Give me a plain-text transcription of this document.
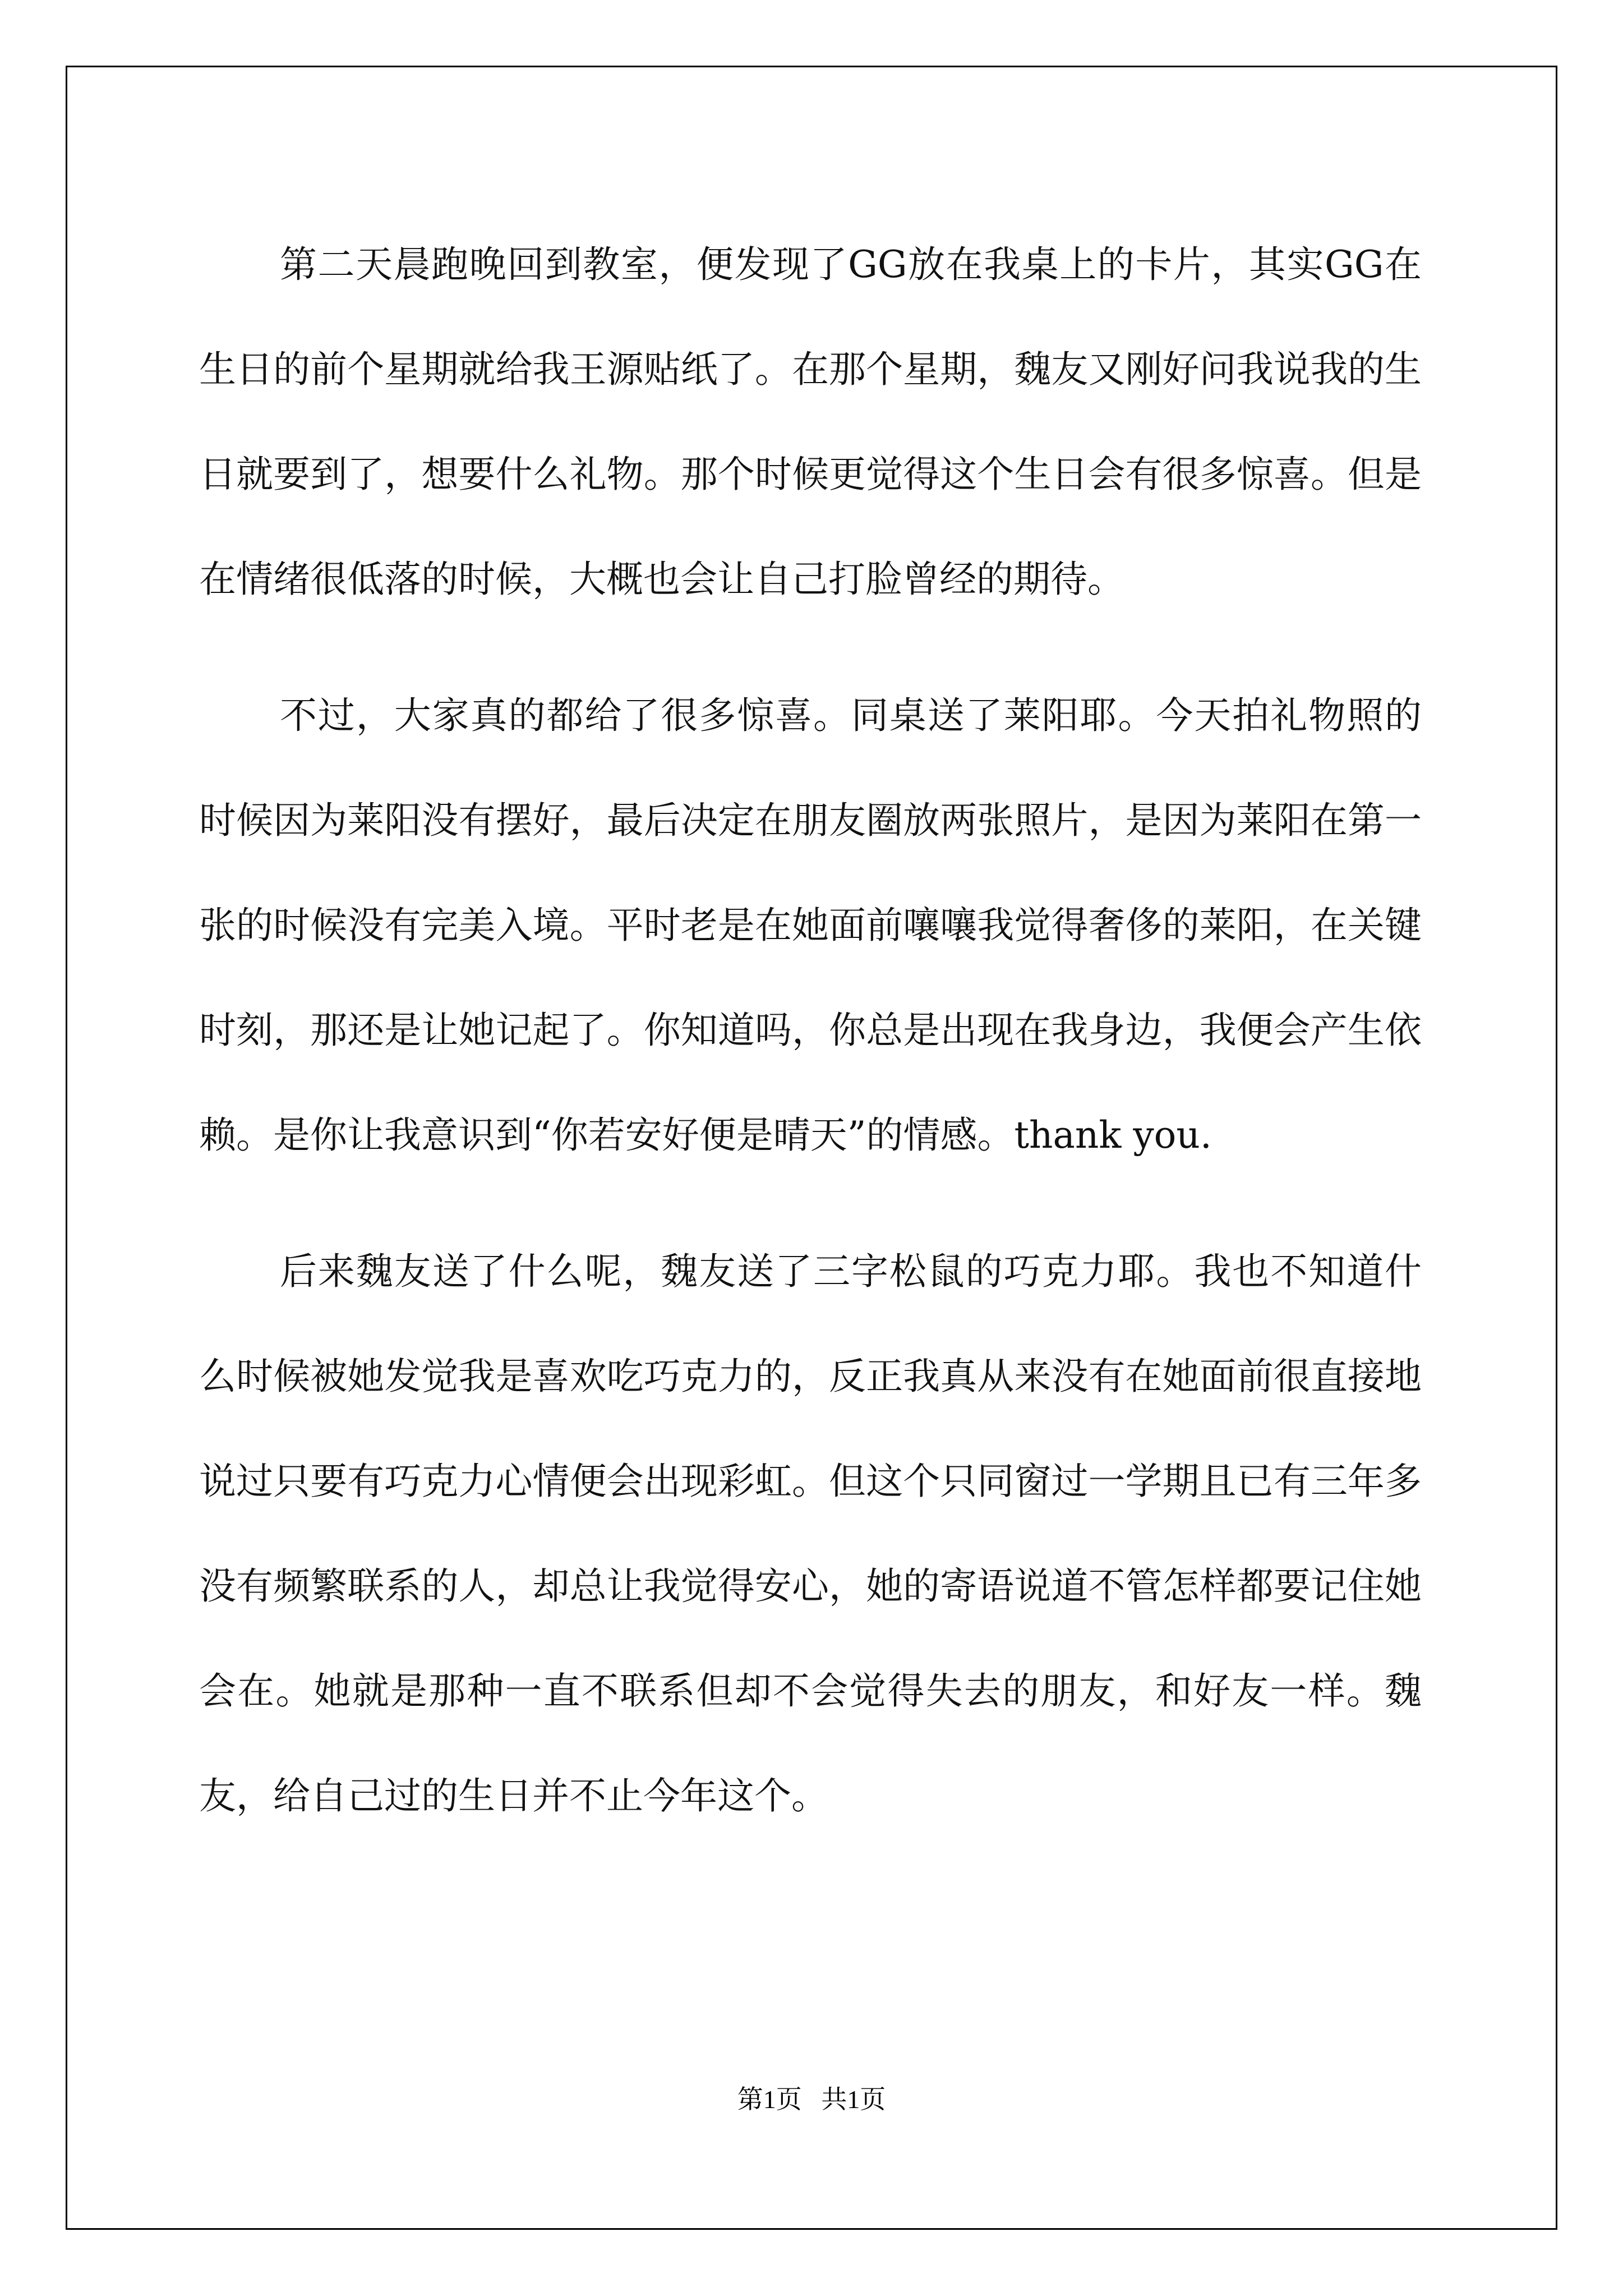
第二天晨跑晚回到教室，便发现了GG放在我桌上的卡片，其实GG在生日的前个星期就给我王源贴纸了。在那个星期，魏友又刚好问我说我的生日就要到了，想要什么礼物。那个时候更觉得这个生日会有很多惊喜。但是在情绪很低落的时候，大概也会让自己打脸曾经的期待。

不过，大家真的都给了很多惊喜。同桌送了莱阳耶。今天拍礼物照的时候因为莱阳没有摆好，最后决定在朋友圈放两张照片，是因为莱阳在第一张的时候没有完美入境。平时老是在她面前嚷嚷我觉得奢侈的莱阳，在关键时刻，那还是让她记起了。你知道吗，你总是出现在我身边，我便会产生依赖。是你让我意识到“你若安好便是晴天”的情感。thank you.

后来魏友送了什么呢，魏友送了三字松鼠的巧克力耶。我也不知道什么时候被她发觉我是喜欢吃巧克力的，反正我真从来没有在她面前很直接地说过只要有巧克力心情便会出现彩虹。但这个只同窗过一学期且已有三年多没有频繁联系的人，却总让我觉得安心，她的寄语说道不管怎样都要记住她会在。她就是那种一直不联系但却不会觉得失去的朋友，和好友一样。魏友，给自己过的生日并不止今年这个。

第1页   共1页
